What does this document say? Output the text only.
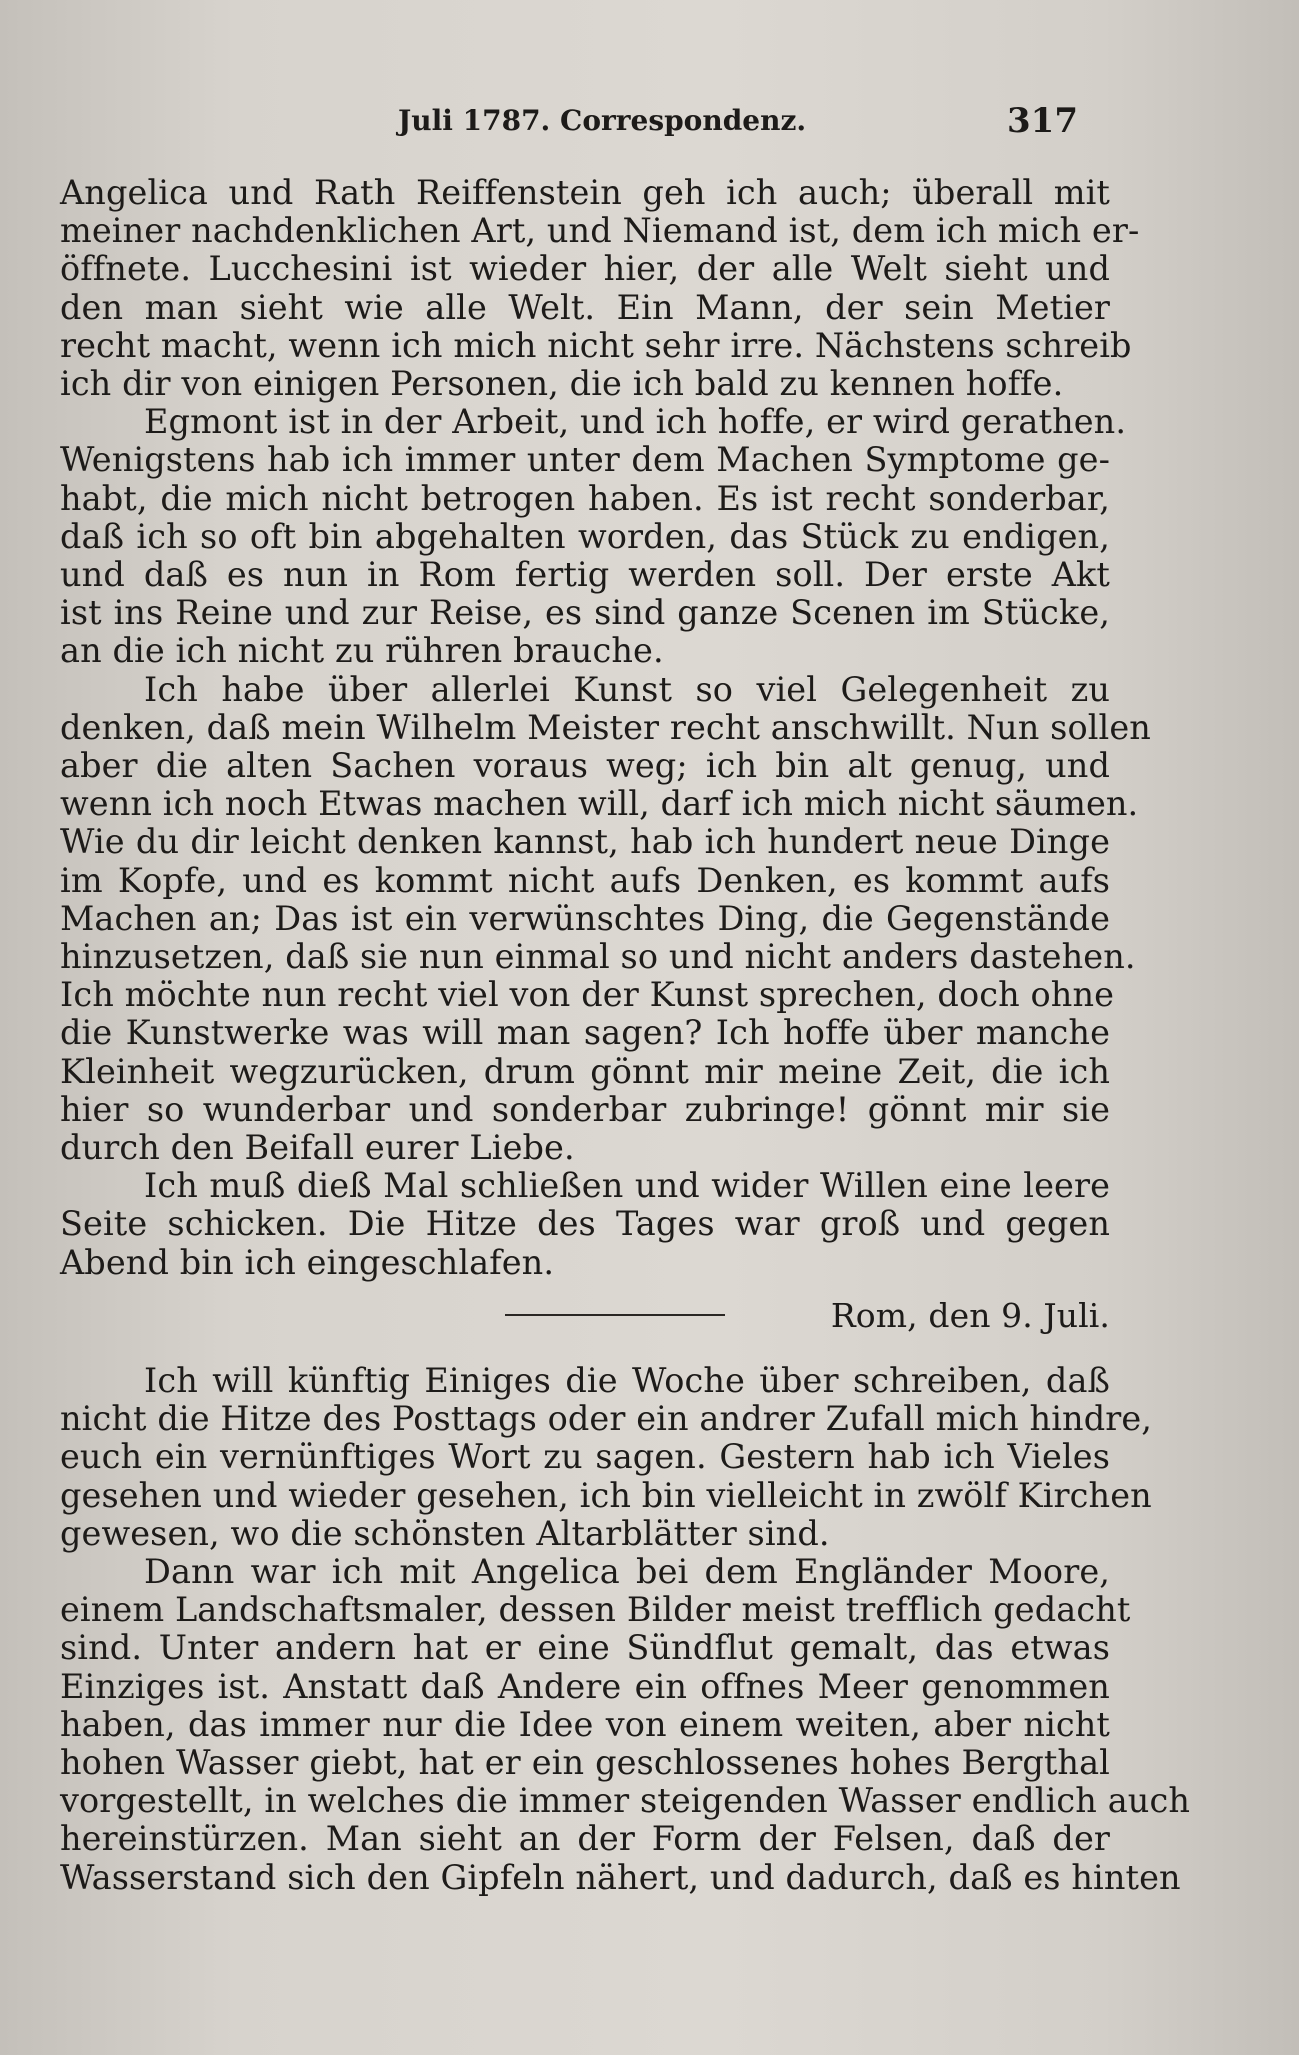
Juli 1787. Correspondenz.	317
Angelica und Rath Reiffenstein geh ich auch; überall mit
meiner nachdenklichen Art, und Niemand ist, dem ich mich er-
öffnete. Lucchesini ist wieder hier, der alle Welt sieht und
den man sieht wie alle Welt. Ein Mann, der sein Metier
recht macht, wenn ich mich nicht sehr irre. Nächstens schreib
ich dir von einigen Personen, die ich bald zu kennen hoffe.
Egmont ist in der Arbeit, und ich hoffe, er wird gerathen.
Wenigstens hab ich immer unter dem Machen Symptome ge-
habt, die mich nicht betrogen haben. Es ist recht sonderbar,
daß ich so oft bin abgehalten worden, das Stück zu endigen,
und daß es nun in Rom fertig werden soll. Der erste Akt
ist ins Reine und zur Reise, es sind ganze Scenen im Stücke,
an die ich nicht zu rühren brauche.
Ich habe über allerlei Kunst so viel Gelegenheit zu
denken, daß mein Wilhelm Meister recht anschwillt. Nun sollen
aber die alten Sachen voraus weg; ich bin alt genug, und
wenn ich noch Etwas machen will, darf ich mich nicht säumen.
Wie du dir leicht denken kannst, hab ich hundert neue Dinge
im Kopfe, und es kommt nicht aufs Denken, es kommt aufs
Machen an; Das ist ein verwünschtes Ding, die Gegenstände
hinzusetzen, daß sie nun einmal so und nicht anders dastehen.
Ich möchte nun recht viel von der Kunst sprechen, doch ohne
die Kunstwerke was will man sagen? Ich hoffe über manche
Kleinheit wegzurücken, drum gönnt mir meine Zeit, die ich
hier so wunderbar und sonderbar zubringe! gönnt mir sie
durch den Beifall eurer Liebe.
Ich muß dieß Mal schließen und wider Willen eine leere
Seite schicken. Die Hitze des Tages war groß und gegen
Abend bin ich eingeschlafen.
Rom, den 9. Juli.
Ich will künftig Einiges die Woche über schreiben, daß
nicht die Hitze des Posttags oder ein andrer Zufall mich hindre,
euch ein vernünftiges Wort zu sagen. Gestern hab ich Vieles
gesehen und wieder gesehen, ich bin vielleicht in zwölf Kirchen
gewesen, wo die schönsten Altarblätter sind.
Dann war ich mit Angelica bei dem Engländer Moore,
einem Landschaftsmaler, dessen Bilder meist trefflich gedacht
sind. Unter andern hat er eine Sündflut gemalt, das etwas
Einziges ist. Anstatt daß Andere ein offnes Meer genommen
haben, das immer nur die Idee von einem weiten, aber nicht
hohen Wasser giebt, hat er ein geschlossenes hohes Bergthal
vorgestellt, in welches die immer steigenden Wasser endlich auch
hereinstürzen. Man sieht an der Form der Felsen, daß der
Wasserstand sich den Gipfeln nähert, und dadurch, daß es hinten
